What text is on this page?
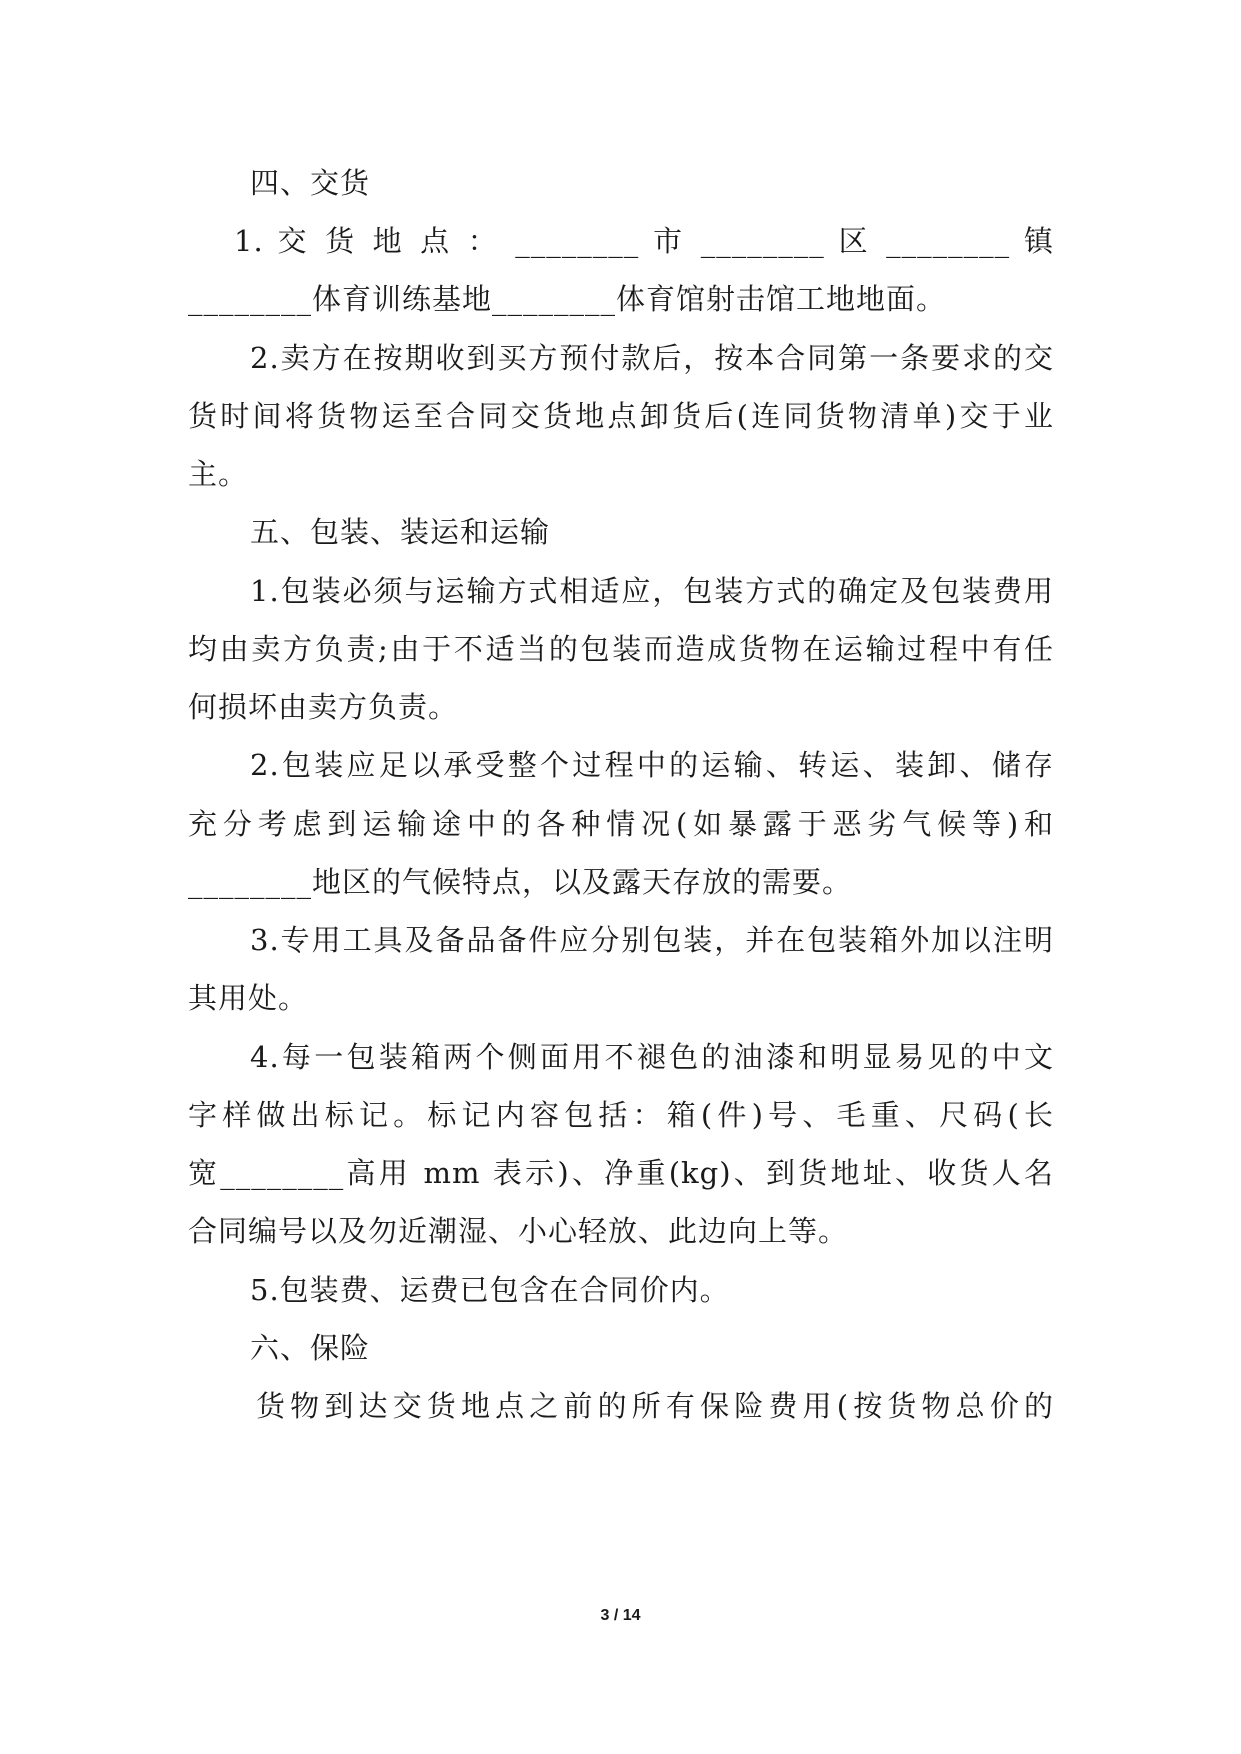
四、交货
1. 交 货 地 点 ： ________ 市 ________ 区 ________ 镇
________体育训练基地________体育馆射击馆工地地面。
2.卖方在按期收到买方预付款后，按本合同第一条要求的交
货时间将货物运至合同交货地点卸货后(连同货物清单)交于业
主。
五、包装、装运和运输
1.包装必须与运输方式相适应，包装方式的确定及包装费用
均由卖方负责;由于不适当的包装而造成货物在运输过程中有任
何损坏由卖方负责。
2.包装应足以承受整个过程中的运输、转运、装卸、储存
充分考虑到运输途中的各种情况(如暴露于恶劣气候等)和
________地区的气候特点，以及露天存放的需要。
3.专用工具及备品备件应分别包装，并在包装箱外加以注明
其用处。
4.每一包装箱两个侧面用不褪色的油漆和明显易见的中文
字样做出标记。标记内容包括：箱(件)号、毛重、尺码(长
宽________高用 mm 表示)、净重(kg)、到货地址、收货人名
合同编号以及勿近潮湿、小心轻放、此边向上等。
5.包装费、运费已包含在合同价内。
六、保险
货物到达交货地点之前的所有保险费用(按货物总价的
3 / 14
